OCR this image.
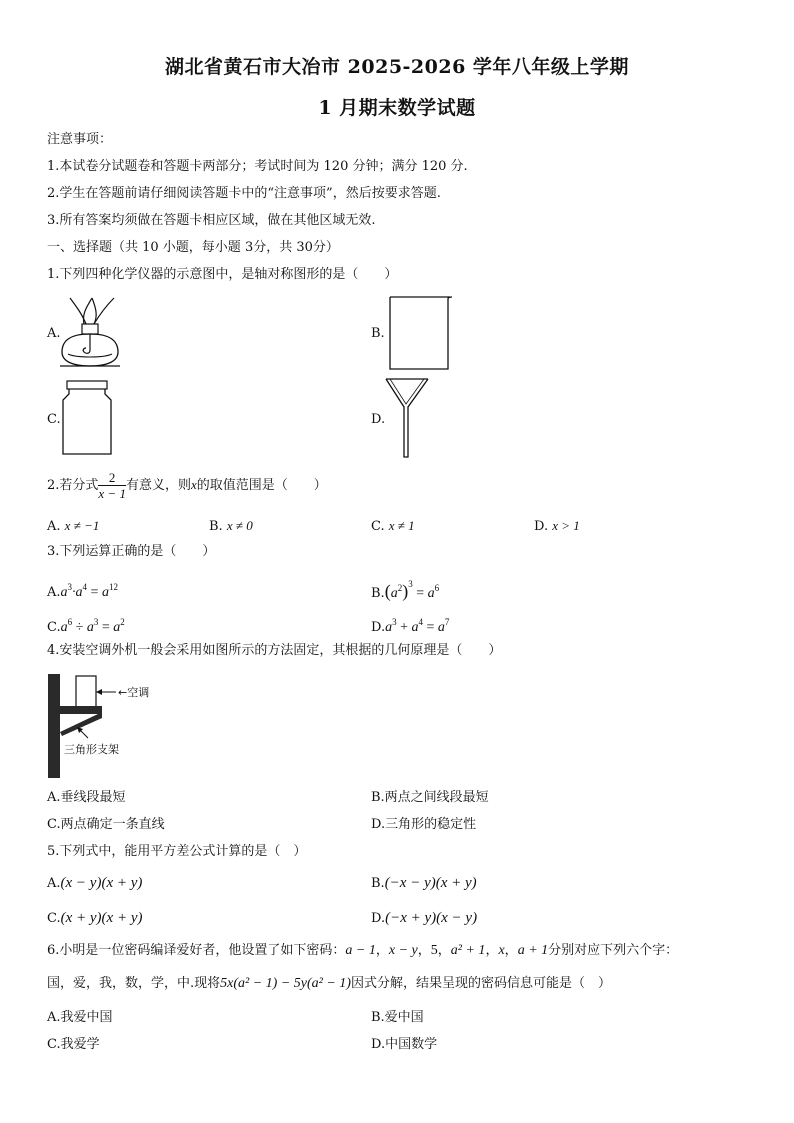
湖北省黄石市大冶市 2025-2026 学年八年级上学期
1 月期末数学试题
注意事项：
1.本试卷分试题卷和答题卡两部分；考试时间为 120 分钟；满分 120 分.
2.学生在答题前请仔细阅读答题卡中的“注意事项”，然后按要求答题.
3.所有答案均须做在答题卡相应区域，做在其他区域无效.
一、选择题（共 10 小题，每小题 3分，共 30分）
1.下列四种化学仪器的示意图中，是轴对称图形的是（　　）
A.	B.
C.	D.
2.若分式 $\frac{2}{x - 1}$ 有意义，则x的取值范围是（　　）
A. x ≠ −1	B. x ≠ 0	C. x ≠ 1	D. x > 1
3.下列运算正确的是（　　）
$A.a^3\cdot a^4 = a^{12}$	$B.(a^2)^3 = a^6$
$C.a^6 \div a^3 = a^2$	$D.a^3 + a^4 = a^7$
4.安装空调外机一般会采用如图所示的方法固定，其根据的几何原理是（　　）
←空调
三角形支架
A.垂线段最短	B.两点之间线段最短
C.两点确定一条直线	D.三角形的稳定性
5.下列式中，能用平方差公式计算的是（　）
A.(x − y)(x + y)	B.(−x − y)(x + y)
C.(x + y)(x + y)	D.(−x + y)(x − y)
6.小明是一位密码编译爱好者，他设置了如下密码：a − 1，x − y，5，a² + 1，x，a + 1分别对应下列六个字：
国，爱，我，数，学，中.现将5x(a² − 1) − 5y(a² − 1)因式分解，结果呈现的密码信息可能是（　）
A.我爱中国	B.爱中国
C.我爱学	D.中国数学
